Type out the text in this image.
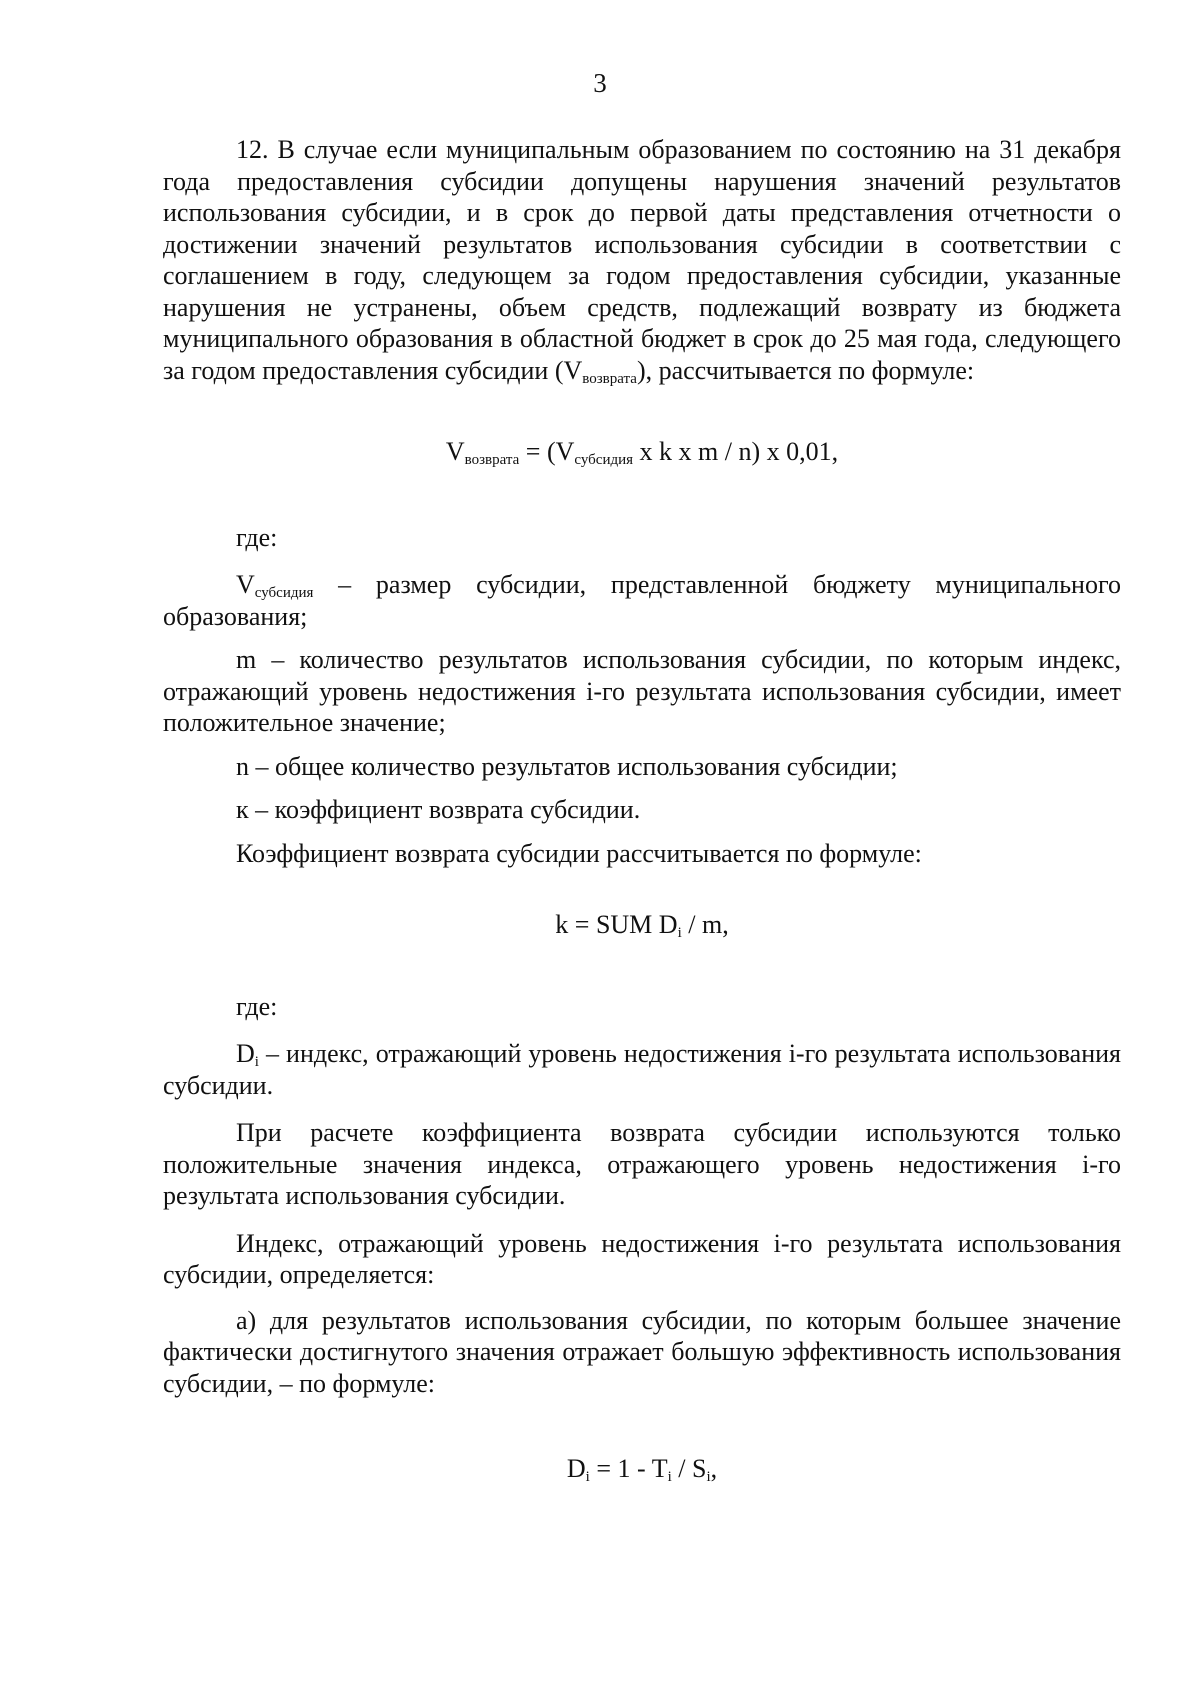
3

12. В случае если муниципальным образованием по состоянию на 31 декабря года предоставления субсидии допущены нарушения значений результатов использования субсидии, и в срок до первой даты представления отчетности о достижении значений результатов использования субсидии в соответствии с соглашением в году, следующем за годом предоставления субсидии, указанные нарушения не устранены, объем средств, подлежащий возврату из бюджета муниципального образования в областной бюджет в срок до 25 мая года, следующего за годом предоставления субсидии $(V_{возврата})$, рассчитывается по формуле:

$V_{возврата} = (V_{субсидия}$ x k x m / n) x 0,01,

где:

$V_{субсидия}$ – размер субсидии, представленной бюджету муниципального образования;

m – количество результатов использования субсидии, по которым индекс, отражающий уровень недостижения i-го результата использования субсидии, имеет положительное значение;

n – общее количество результатов использования субсидии;

к – коэффициент возврата субсидии.

Коэффициент возврата субсидии рассчитывается по формуле:

k = SUM $D_i$ / m,

где:

$D_i$ – индекс, отражающий уровень недостижения i-го результата использования субсидии.

При расчете коэффициента возврата субсидии используются только положительные значения индекса, отражающего уровень недостижения i-го результата использования субсидии.

Индекс, отражающий уровень недостижения i-го результата использования субсидии, определяется:

а) для результатов использования субсидии, по которым большее значение фактически достигнутого значения отражает большую эффективность использования субсидии, – по формуле:

$D_i = 1 - T_i / S_i$,
